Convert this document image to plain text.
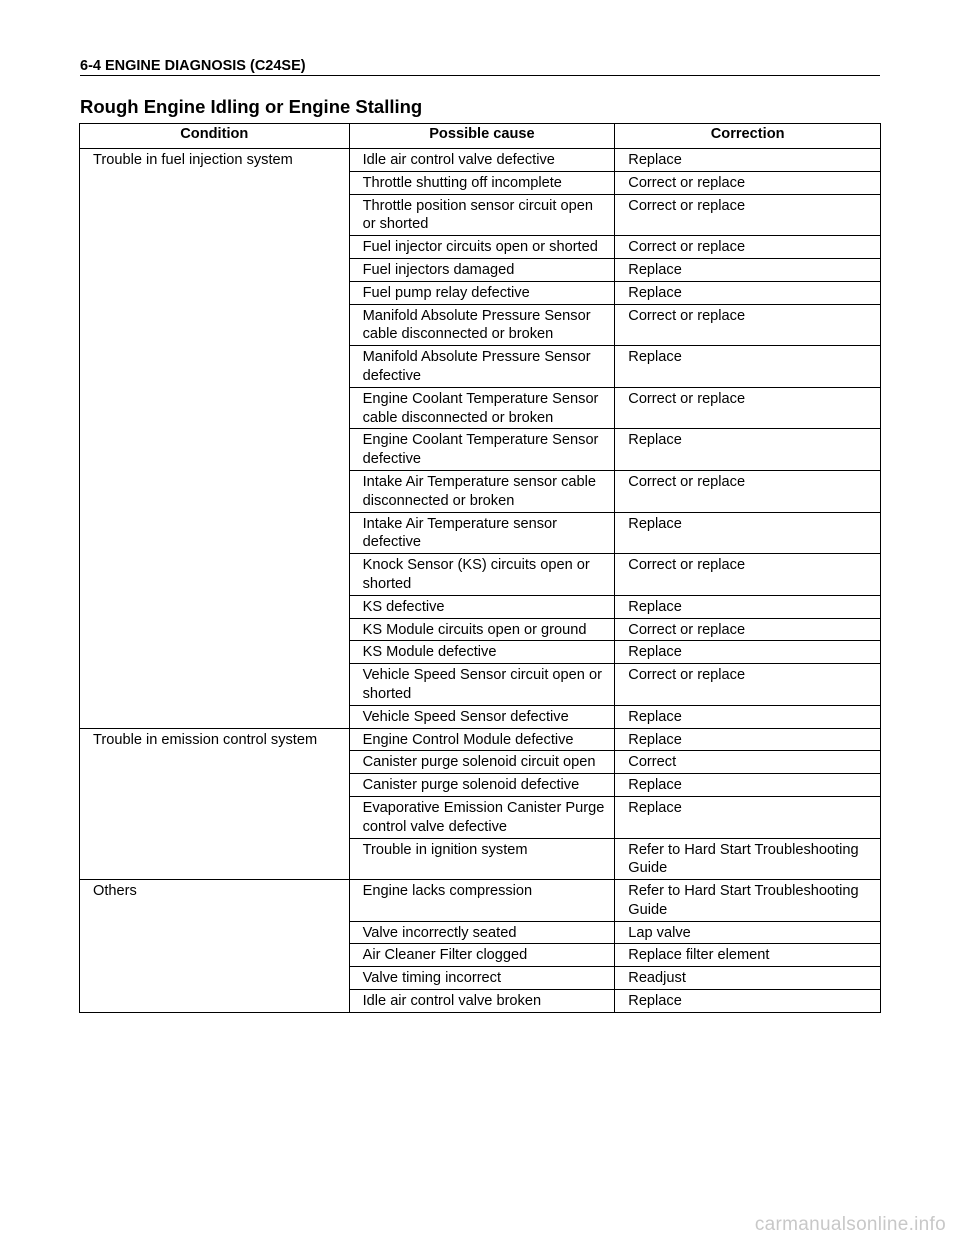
6-4 ENGINE DIAGNOSIS (C24SE)
Rough Engine Idling or Engine Stalling
Condition	Possible cause	Correction
Trouble in fuel injection system	Idle air control valve defective	Replace
	Throttle shutting off incomplete	Correct or replace
	Throttle position sensor circuit open or shorted	Correct or replace
	Fuel injector circuits open or shorted	Correct or replace
	Fuel injectors damaged	Replace
	Fuel pump relay defective	Replace
	Manifold Absolute Pressure Sensor cable disconnected or broken	Correct or replace
	Manifold Absolute Pressure Sensor defective	Replace
	Engine Coolant Temperature Sensor cable disconnected or broken	Correct or replace
	Engine Coolant Temperature Sensor defective	Replace
	Intake Air Temperature sensor cable disconnected or broken	Correct or replace
	Intake Air Temperature sensor defective	Replace
	Knock Sensor (KS) circuits open or shorted	Correct or replace
	KS defective	Replace
	KS Module circuits open or ground	Correct or replace
	KS Module defective	Replace
	Vehicle Speed Sensor circuit open or shorted	Correct or replace
	Vehicle Speed Sensor defective	Replace
Trouble in emission control system	Engine Control Module defective	Replace
	Canister purge solenoid circuit open	Correct
	Canister purge solenoid defective	Replace
	Evaporative Emission Canister Purge control valve defective	Replace
	Trouble in ignition system	Refer to Hard Start Troubleshooting Guide
Others	Engine lacks compression	Refer to Hard Start Troubleshooting Guide
	Valve incorrectly seated	Lap valve
	Air Cleaner Filter clogged	Replace filter element
	Valve timing incorrect	Readjust
	Idle air control valve broken	Replace
carmanualsonline.info
